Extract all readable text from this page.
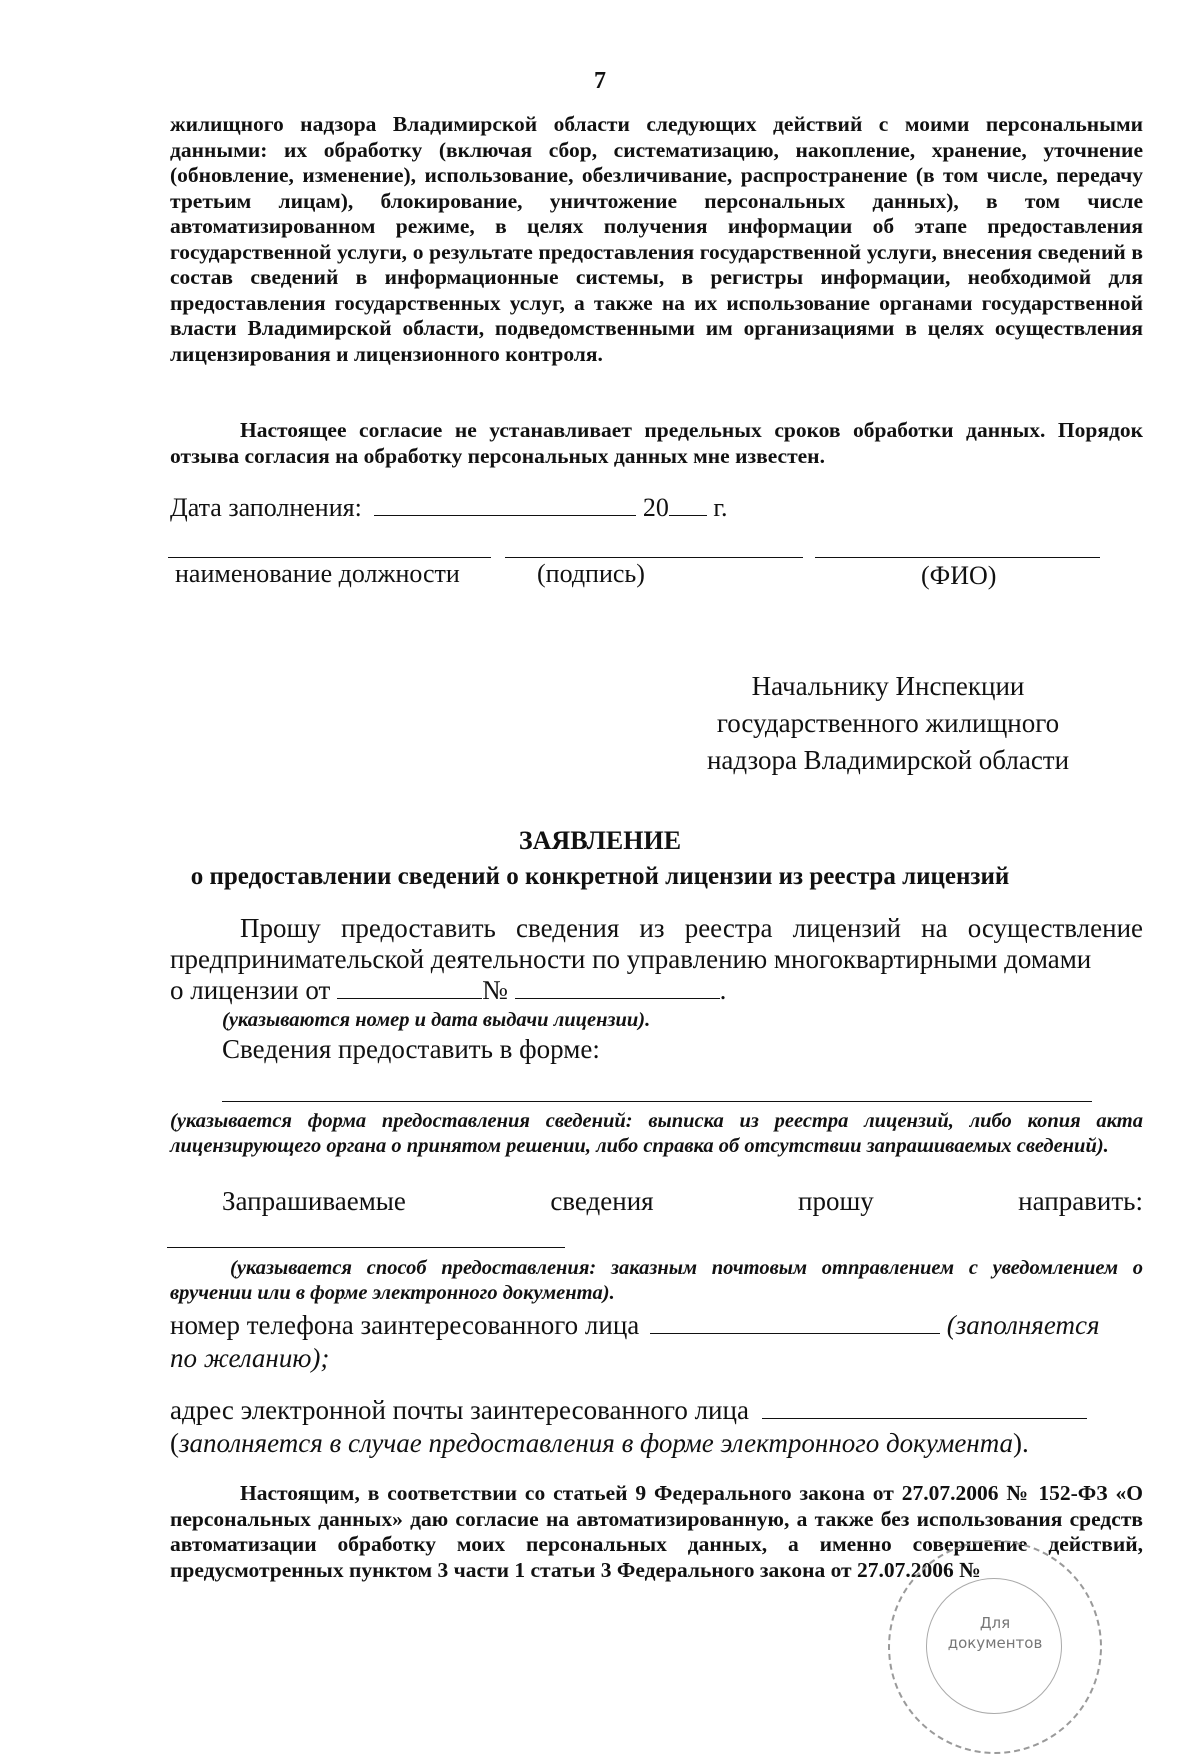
7
жилищного надзора Владимирской области следующих действий с моими персональными данными: их обработку (включая сбор, систематизацию, накопление, хранение, уточнение (обновление, изменение), использование, обезличивание, распространение (в том числе, передачу третьим лицам), блокирование, уничтожение персональных данных), в том числе автоматизированном режиме, в целях получения информации об этапе предоставления государственной услуги, о результате предоставления государственной услуги, внесения сведений в состав сведений в информационные системы, в регистры информации, необходимой для предоставления государственных услуг, а также на их использование органами государственной власти Владимирской области, подведомственными им организациями в целях осуществления лицензирования и лицензионного контроля.
Настоящее согласие не устанавливает предельных сроков обработки данных. Порядок отзыва согласия на обработку персональных данных мне известен.
Дата заполнения:	20 г.
наименование должности	(подпись)	(ФИО)
Начальнику Инспекции
государственного жилищного
надзора Владимирской области
ЗАЯВЛЕНИЕ
о предоставлении сведений о конкретной лицензии из реестра лицензий
Прошу предоставить сведения из реестра лицензий на осуществление предпринимательской деятельности по управлению многоквартирными домами
о лицензии от	№	.
(указываются номер и дата выдачи лицензии).
Сведения предоставить в форме:
(указывается форма предоставления сведений: выписка из реестра лицензий, либо копия акта лицензирующего органа о принятом решении, либо справка об отсутствии запрашиваемых сведений).
Запрашиваемые	сведения	прошу	направить:
(указывается способ предоставления: заказным почтовым отправлением с уведомлением о вручении или в форме электронного документа).
номер телефона заинтересованного лица	(заполняется
по желанию);
адрес электронной почты заинтересованного лица
(заполняется в случае предоставления в форме электронного документа).
Настоящим, в соответствии со статьей 9 Федерального закона от 27.07.2006 № 152-ФЗ «О персональных данных» даю согласие на автоматизированную, а также без использования средств автоматизации обработку моих персональных данных, а именно совершение действий, предусмотренных пунктом 3 части 1 статьи 3 Федерального закона от 27.07.2006 №
Для
документов
